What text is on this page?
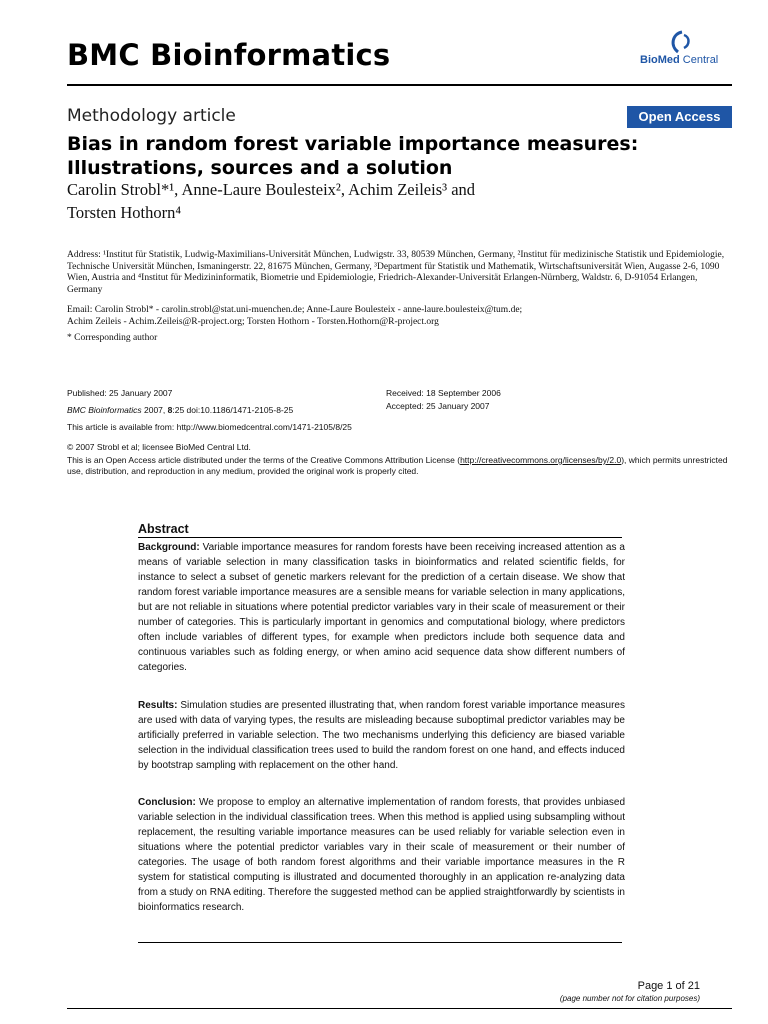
BMC Bioinformatics	BioMed Central
Methodology article	Open Access
Bias in random forest variable importance measures: Illustrations, sources and a solution
Carolin Strobl*¹, Anne-Laure Boulesteix², Achim Zeileis³ and
Torsten Hothorn⁴
Address: ¹Institut für Statistik, Ludwig-Maximilians-Universität München, Ludwigstr. 33, 80539 München, Germany, ²Institut für medizinische Statistik und Epidemiologie, Technische Universität München, Ismaningerstr. 22, 81675 München, Germany, ³Department für Statistik und Mathematik, Wirtschaftsuniversität Wien, Augasse 2-6, 1090 Wien, Austria and ⁴Institut für Medizininformatik, Biometrie und Epidemiologie, Friedrich-Alexander-Universität Erlangen-Nürnberg, Waldstr. 6, D-91054 Erlangen, Germany
Email: Carolin Strobl* - carolin.strobl@stat.uni-muenchen.de; Anne-Laure Boulesteix - anne-laure.boulesteix@tum.de;
Achim Zeileis - Achim.Zeileis@R-project.org; Torsten Hothorn - Torsten.Hothorn@R-project.org
* Corresponding author
Published: 25 January 2007
BMC Bioinformatics 2007, 8:25 doi:10.1186/1471-2105-8-25
This article is available from: http://www.biomedcentral.com/1471-2105/8/25
Received: 18 September 2006
Accepted: 25 January 2007
© 2007 Strobl et al; licensee BioMed Central Ltd.
This is an Open Access article distributed under the terms of the Creative Commons Attribution License (http://creativecommons.org/licenses/by/2.0), which permits unrestricted use, distribution, and reproduction in any medium, provided the original work is properly cited.
Abstract
Background: Variable importance measures for random forests have been receiving increased attention as a means of variable selection in many classification tasks in bioinformatics and related scientific fields, for instance to select a subset of genetic markers relevant for the prediction of a certain disease. We show that random forest variable importance measures are a sensible means for variable selection in many applications, but are not reliable in situations where potential predictor variables vary in their scale of measurement or their number of categories. This is particularly important in genomics and computational biology, where predictors often include variables of different types, for example when predictors include both sequence data and continuous variables such as folding energy, or when amino acid sequence data show different numbers of categories.
Results: Simulation studies are presented illustrating that, when random forest variable importance measures are used with data of varying types, the results are misleading because suboptimal predictor variables may be artificially preferred in variable selection. The two mechanisms underlying this deficiency are biased variable selection in the individual classification trees used to build the random forest on one hand, and effects induced by bootstrap sampling with replacement on the other hand.
Conclusion: We propose to employ an alternative implementation of random forests, that provides unbiased variable selection in the individual classification trees. When this method is applied using subsampling without replacement, the resulting variable importance measures can be used reliably for variable selection even in situations where the potential predictor variables vary in their scale of measurement or their number of categories. The usage of both random forest algorithms and their variable importance measures in the R system for statistical computing is illustrated and documented thoroughly in an application re-analyzing data from a study on RNA editing. Therefore the suggested method can be applied straightforwardly by scientists in bioinformatics research.
Page 1 of 21
(page number not for citation purposes)
